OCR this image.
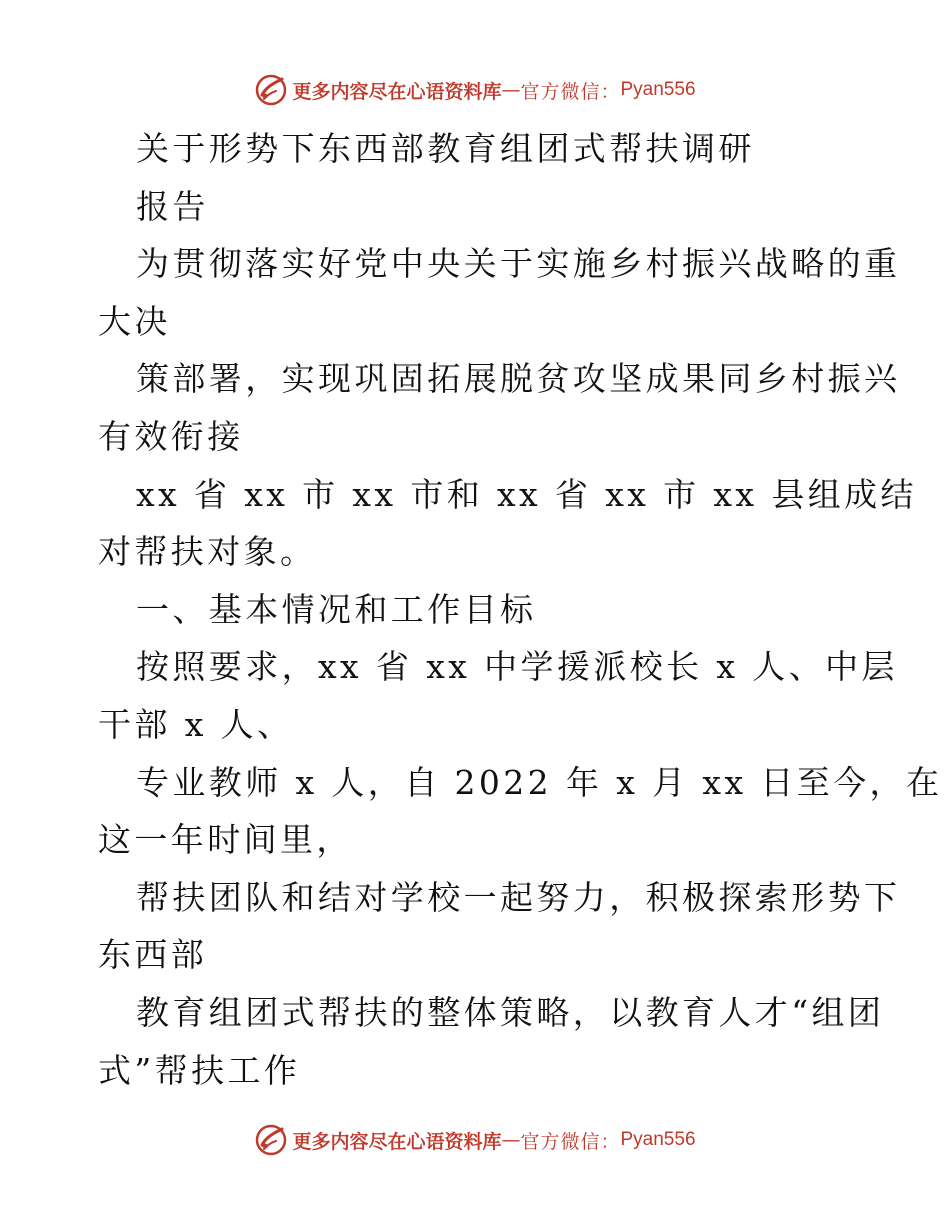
更多内容尽在心语资料库 — 官方微信： Pyan556
关于形势下东西部教育组团式帮扶调研
报告
为贯彻落实好党中央关于实施乡村振兴战略的重
大决
策部署，实现巩固拓展脱贫攻坚成果同乡村振兴
有效衔接
xx 省 xx 市 xx 市和 xx 省 xx 市 xx 县组成结
对帮扶对象。
一、基本情况和工作目标
按照要求，xx 省 xx 中学援派校长 x 人、中层
干部 x 人、
专业教师 x 人，自 2022 年 x 月 xx 日至今，在
这一年时间里，
帮扶团队和结对学校一起努力，积极探索形势下
东西部
教育组团式帮扶的整体策略，以教育人才“组团
式”帮扶工作
更多内容尽在心语资料库 — 官方微信： Pyan556
